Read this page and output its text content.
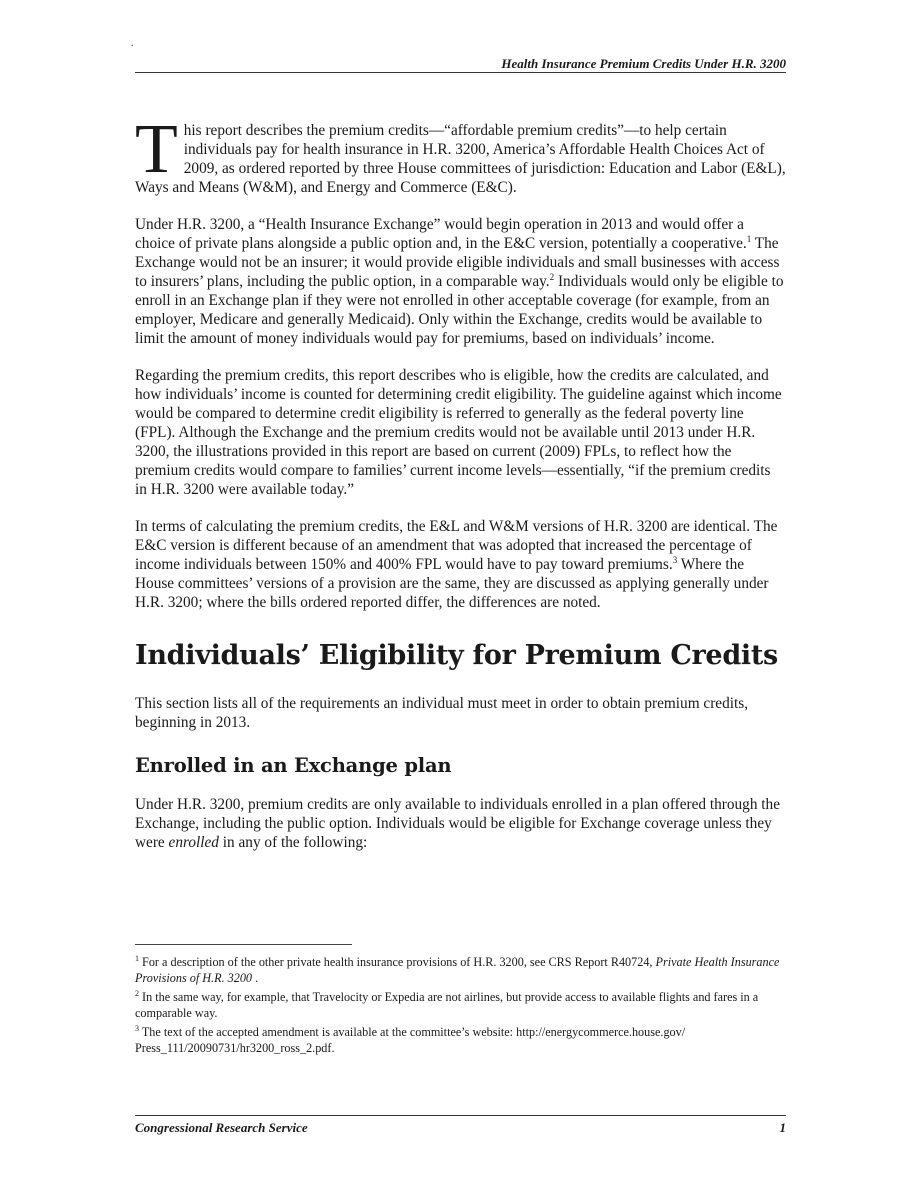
.
Health Insurance Premium Credits Under H.R. 3200

This report describes the premium credits—“affordable premium credits”—to help certain individuals pay for health insurance in H.R. 3200, America’s Affordable Health Choices Act of 2009, as ordered reported by three House committees of jurisdiction: Education and Labor (E&L), Ways and Means (W&M), and Energy and Commerce (E&C).

Under H.R. 3200, a “Health Insurance Exchange” would begin operation in 2013 and would offer a choice of private plans alongside a public option and, in the E&C version, potentially a cooperative.$^1$ The Exchange would not be an insurer; it would provide eligible individuals and small businesses with access to insurers’ plans, including the public option, in a comparable way.$^2$ Individuals would only be eligible to enroll in an Exchange plan if they were not enrolled in other acceptable coverage (for example, from an employer, Medicare and generally Medicaid). Only within the Exchange, credits would be available to limit the amount of money individuals would pay for premiums, based on individuals’ income.

Regarding the premium credits, this report describes who is eligible, how the credits are calculated, and how individuals’ income is counted for determining credit eligibility. The guideline against which income would be compared to determine credit eligibility is referred to generally as the federal poverty line (FPL). Although the Exchange and the premium credits would not be available until 2013 under H.R. 3200, the illustrations provided in this report are based on current (2009) FPLs, to reflect how the premium credits would compare to families’ current income levels—essentially, “if the premium credits in H.R. 3200 were available today.”

In terms of calculating the premium credits, the E&L and W&M versions of H.R. 3200 are identical. The E&C version is different because of an amendment that was adopted that increased the percentage of income individuals between 150% and 400% FPL would have to pay toward premiums.$^3$ Where the House committees’ versions of a provision are the same, they are discussed as applying generally under H.R. 3200; where the bills ordered reported differ, the differences are noted.

Individuals’ Eligibility for Premium Credits

This section lists all of the requirements an individual must meet in order to obtain premium credits, beginning in 2013.

Enrolled in an Exchange plan

Under H.R. 3200, premium credits are only available to individuals enrolled in a plan offered through the Exchange, including the public option. Individuals would be eligible for Exchange coverage unless they were enrolled in any of the following:

$^1$ For a description of the other private health insurance provisions of H.R. 3200, see CRS Report R40724, Private Health Insurance Provisions of H.R. 3200 .
$^2$ In the same way, for example, that Travelocity or Expedia are not airlines, but provide access to available flights and fares in a comparable way.
$^3$ The text of the accepted amendment is available at the committee’s website: http://energycommerce.house.gov/ Press_111/20090731/hr3200_ross_2.pdf.
Congressional Research Service	1
